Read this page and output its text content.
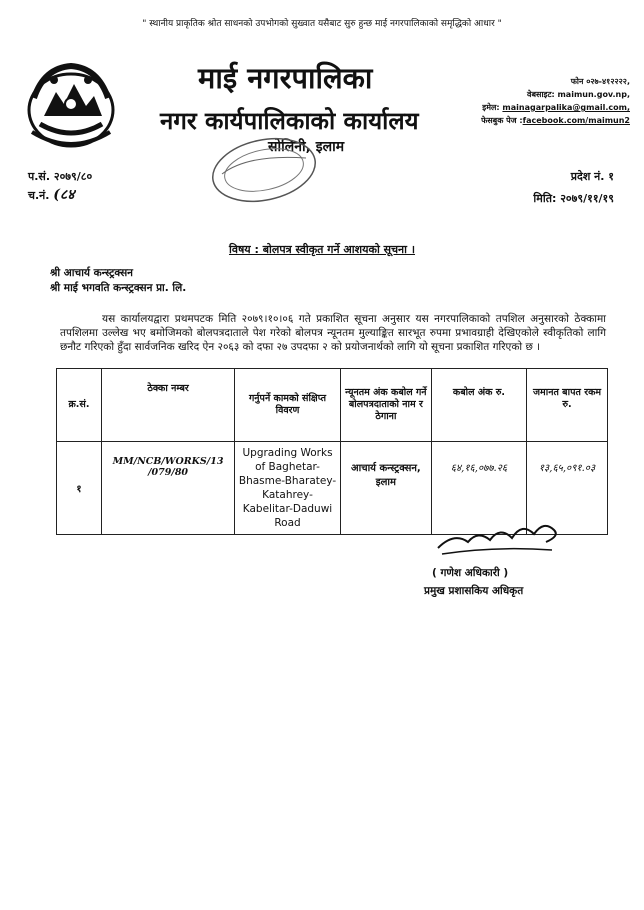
" स्थानीय प्राकृतिक श्रोत साधनको उपभोगको सुख्वात यसैबाट सुरु हुन्छ माई नगरपालिकाको समृद्धिको आधार "
माई नगरपालिका
नगर कार्यपालिकाको कार्यालय
सोलिनी, इलाम
फोन ०२७-४१२२२२,
वेबसाइट: maimun.gov.np,
इमेल: mainagarpalika@gmail.com,
फेसबुक पेज :facebook.com/maimun2
प.सं. २०७९/८०
च.नं. (८४
प्रदेश नं. १
मिति: २०७९/११/१९
विषय : बोलपत्र स्वीकृत गर्ने आशयको सूचना ।
श्री आचार्य कन्स्ट्रक्सन
श्री माई भगवति कन्स्ट्रक्सन प्रा. लि.
यस कार्यालयद्वारा प्रथमपटक मिति २०७९।१०।०६ गते प्रकाशित सूचना अनुसार यस नगरपालिकाको तपशिल अनुसारको ठेक्कामा तपशिलमा उल्लेख भए बमोजिमको बोलपत्रदाताले पेश गरेको बोलपत्र न्यूनतम मुल्याङ्कित सारभूत रुपमा प्रभावग्राही देखिएकोले स्वीकृतिको लागि छनौट गरिएको हुँदा सार्वजनिक खरिद ऐन २०६३ को दफा २७ उपदफा २ को प्रयोजनार्थको लागि यो सूचना प्रकाशित गरिएको छ ।
क्र.सं.	ठेक्का नम्बर	गर्नुपर्ने कामको संक्षिप्त विवरण	न्यूनतम अंक कबोल गर्ने बोलपत्रदाताको नाम र ठेगाना	कबोल अंक रु.	जमानत बापत रकम रु.
१	MM/NCB/WORKS/13 /079/80	Upgrading Works of Baghetar-Bhasme-Bharatey-Katahrey-Kabelitar-Daduwi Road	आचार्य कन्स्ट्रक्सन, इलाम	६४,१६,०७७.२६	१३,६५,०९१.०३
( गणेश अधिकारी )
प्रमुख प्रशासकिय अधिकृत
